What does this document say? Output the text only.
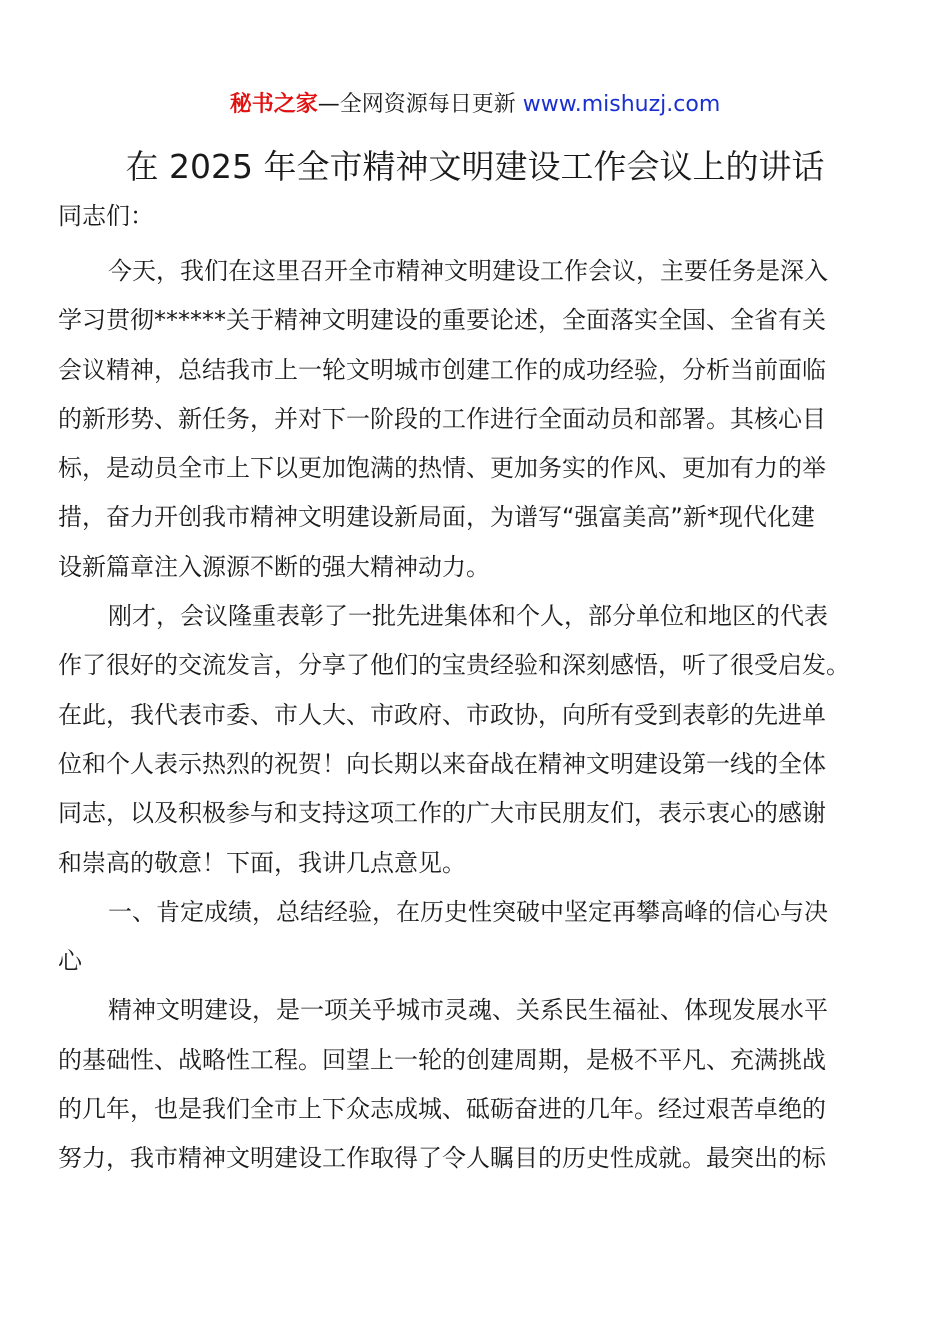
秘书之家—全网资源每日更新 www.mishuzj.com
在 2025 年全市精神文明建设工作会议上的讲话
同志们：
今天，我们在这里召开全市精神文明建设工作会议，主要任务是深入
学习贯彻******关于精神文明建设的重要论述，全面落实全国、全省有关
会议精神，总结我市上一轮文明城市创建工作的成功经验，分析当前面临
的新形势、新任务，并对下一阶段的工作进行全面动员和部署。其核心目
标，是动员全市上下以更加饱满的热情、更加务实的作风、更加有力的举
措，奋力开创我市精神文明建设新局面，为谱写“强富美高”新*现代化建
设新篇章注入源源不断的强大精神动力。
刚才，会议隆重表彰了一批先进集体和个人，部分单位和地区的代表
作了很好的交流发言，分享了他们的宝贵经验和深刻感悟，听了很受启发。
在此，我代表市委、市人大、市政府、市政协，向所有受到表彰的先进单
位和个人表示热烈的祝贺！向长期以来奋战在精神文明建设第一线的全体
同志，以及积极参与和支持这项工作的广大市民朋友们，表示衷心的感谢
和崇高的敬意！下面，我讲几点意见。
一、肯定成绩，总结经验，在历史性突破中坚定再攀高峰的信心与决
心
精神文明建设，是一项关乎城市灵魂、关系民生福祉、体现发展水平
的基础性、战略性工程。回望上一轮的创建周期，是极不平凡、充满挑战
的几年，也是我们全市上下众志成城、砥砺奋进的几年。经过艰苦卓绝的
努力，我市精神文明建设工作取得了令人瞩目的历史性成就。最突出的标
